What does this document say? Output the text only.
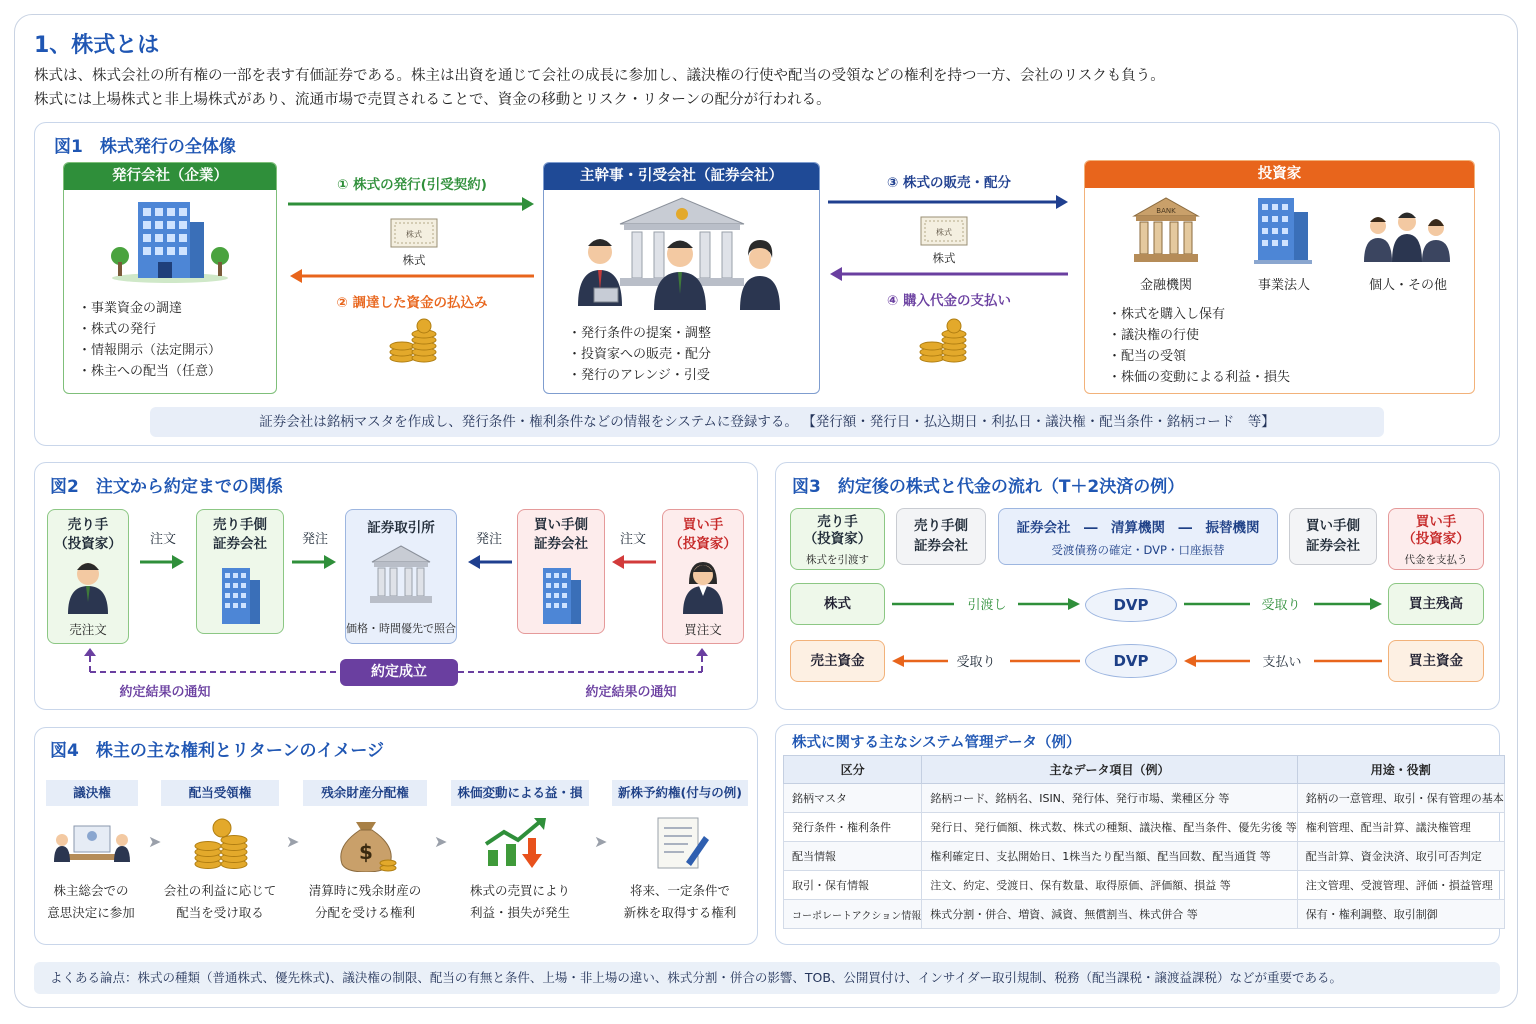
1、株式とは
株式は、株式会社の所有権の一部を表す有価証券である。株主は出資を通じて会社の成長に参加し、議決権の行使や配当の受領などの権利を持つ一方、会社のリスクも負う。
株式には上場株式と非上場株式があり、流通市場で売買されることで、資金の移動とリスク・リターンの配分が行われる。
図1　株式発行の全体像
発行会社（企業）
・事業資金の調達
・株式の発行
・情報開示（法定開示）
・株主への配当（任意）
① 株式の発行(引受契約)
株式
株式
② 調達した資金の払込み
主幹事・引受会社（証券会社）
・発行条件の提案・調整
・投資家への販売・配分
・発行のアレンジ・引受
③ 株式の販売・配分
株式
株式
④ 購入代金の支払い
投資家
BANK
金融機関	事業法人	個人・その他
・株式を購入し保有
・議決権の行使
・配当の受領
・株価の変動による利益・損失
証券会社は銘柄マスタを作成し、発行条件・権利条件などの情報をシステムに登録する。 【発行額・発行日・払込期日・利払日・議決権・配当条件・銘柄コード　等】
図2　注文から約定までの関係
売り手
（投資家）
売注文
注文
売り手側
証券会社	発注
証券取引所
価格・時間優先で照合
発注
買い手側
証券会社	注文
買い手
（投資家）
買注文
約定成立
約定結果の通知	約定結果の通知
図3　約定後の株式と代金の流れ（T＋2決済の例）
売り手
（投資家）
株式を引渡す
売り手側
証券会社
証券会社　―　清算機関　―　振替機関
受渡債務の確定・DVP・口座振替
買い手側
証券会社
買い手
（投資家）
代金を支払う
株式	引渡し	DVP	受取り	買主残高
売主資金	受取り	DVP	支払い	買主資金
図4　株主の主な権利とリターンのイメージ
議決権	配当受領権	残余財産分配権	株価変動による益・損	新株予約権(付与の例)
➤	➤	$	➤	➤
株主総会での
意思決定に参加
会社の利益に応じて
配当を受け取る
清算時に残余財産の
分配を受ける権利
株式の売買により
利益・損失が発生
将来、一定条件で
新株を取得する権利
株式に関する主なシステム管理データ（例）
区分	主なデータ項目（例）	用途・役割
銘柄マスタ	銘柄コード、銘柄名、ISIN、発行体、発行市場、業種区分 等	銘柄の一意管理、取引・保有管理の基本
発行条件・権利条件	発行日、発行価額、株式数、株式の種類、議決権、配当条件、優先劣後 等	権利管理、配当計算、議決権管理
配当情報	権利確定日、支払開始日、1株当たり配当額、配当回数、配当通貨 等	配当計算、資金決済、取引可否判定
取引・保有情報	注文、約定、受渡日、保有数量、取得原価、評価額、損益 等	注文管理、受渡管理、評価・損益管理
コーポレートアクション情報	株式分割・併合、増資、減資、無償割当、株式併合 等	保有・権利調整、取引制御
よくある論点：株式の種類（普通株式、優先株式)、議決権の制限、配当の有無と条件、上場・非上場の違い、株式分割・併合の影響、TOB、公開買付け、インサイダー取引規制、税務（配当課税・譲渡益課税）などが重要である。
